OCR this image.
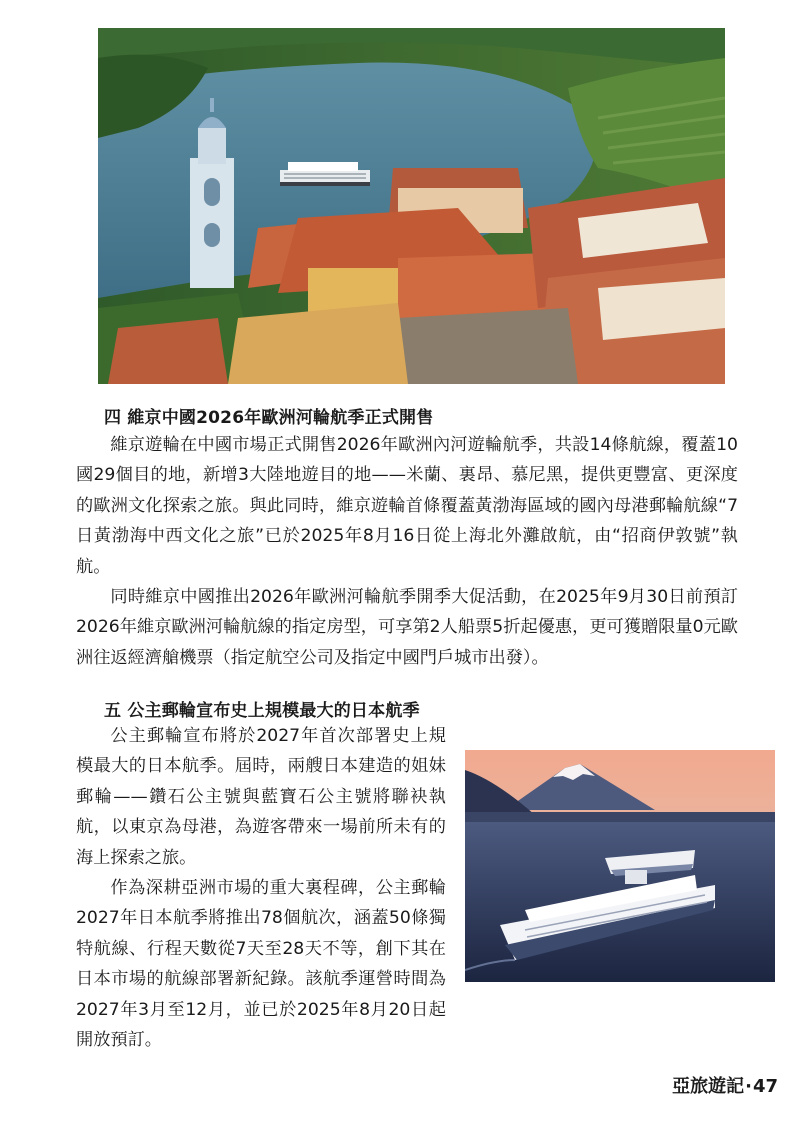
四 維京中國2026年歐洲河輪航季正式開售

維京遊輪在中國市場正式開售2026年歐洲內河遊輪航季，共設14條航線，覆蓋10國29個目的地，新增3大陸地遊目的地——米蘭、裏昂、慕尼黑，提供更豐富、更深度的歐洲文化探索之旅。與此同時，維京遊輪首條覆蓋黃渤海區域的國內母港郵輪航線“7日黃渤海中西文化之旅”已於2025年8月16日從上海北外灘啟航，由“招商伊敦號”執航。

同時維京中國推出2026年歐洲河輪航季開季大促活動，在2025年9月30日前預訂2026年維京歐洲河輪航線的指定房型，可享第2人船票5折起優惠，更可獲贈限量0元歐洲往返經濟艙機票（指定航空公司及指定中國門戶城市出發）。

五 公主郵輪宣布史上規模最大的日本航季

公主郵輪宣布將於2027年首次部署史上規模最大的日本航季。屆時，兩艘日本建造的姐妹郵輪——鑽石公主號與藍寶石公主號將聯袂執航，以東京為母港，為遊客帶來一場前所未有的海上探索之旅。

作為深耕亞洲市場的重大裏程碑，公主郵輪2027年日本航季將推出78個航次，涵蓋50條獨特航線、行程天數從7天至28天不等，創下其在日本市場的航線部署新紀錄。該航季運營時間為2027年3月至12月，並已於2025年8月20日起開放預訂。

亞旅遊記·47
